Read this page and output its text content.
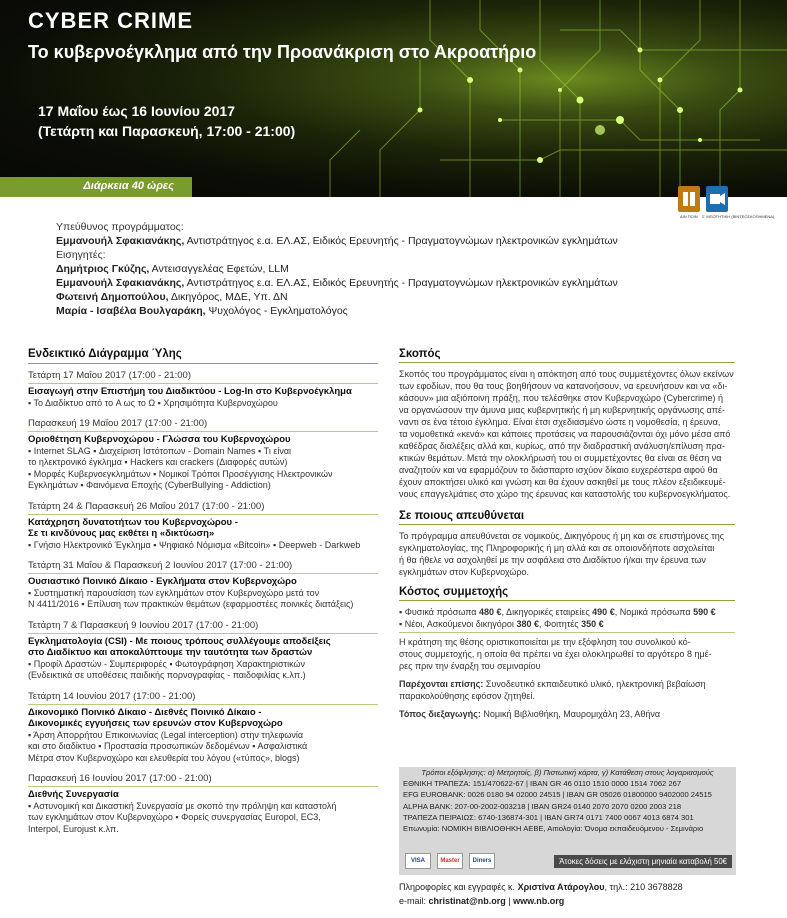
CYBER CRIME
Το κυβερνοέγκλημα από την Προανάκριση στο Ακροατήριο
17 Μαΐου έως 16 Ιουνίου 2017
(Τετάρτη και Παρασκευή, 17:00 - 21:00)
Διάρκεια 40 ώρες
AIN ΠΟΙΝ Σ' ΜΠΟΤΗΤΙΚΗ (ΒΙΝΤΕΟΣΚΟΠΗΜΕΝΑ)
Υπεύθυνος προγράμματος:
Εμμανουήλ Σφακιανάκης, Αντιστράτηγος ε.α. ΕΛ.ΑΣ, Ειδικός Ερευνητής - Πραγματογνώμων ηλεκτρονικών εγκλημάτων
Εισηγητές:
Δημήτριος Γκύζης, Αντεισαγγελέας Εφετών, LLM
Εμμανουήλ Σφακιανάκης, Αντιστράτηγος ε.α. ΕΛ.ΑΣ, Ειδικός Ερευνητής - Πραγματογνώμων ηλεκτρονικών εγκλημάτων
Φωτεινή Δημοπούλου, Δικηγόρος, ΜΔΕ, Υπ. ΔΝ
Μαρία - Ισαβέλα Βουλγαράκη, Ψυχολόγος - Εγκληματολόγος
Ενδεικτικό Διάγραμμα Ύλης
Τετάρτη 17 Μαΐου 2017 (17:00 - 21:00)
Εισαγωγή στην Επιστήμη του Διαδικτύου - Log-In στο Κυβερνοέγκλημα
▪ Το Διαδίκτυο από το A ως το Ω ▪ Χρησιμότητα Κυβερνοχώρου
Παρασκευή 19 Μαΐου 2017 (17:00 - 21:00)
Οριοθέτηση Κυβερνοχώρου - Γλώσσα του Κυβερνοχώρου
▪ Internet SLAG ▪ Διαχείριση Ιστότοπων - Domain Names ▪ Τι είναι
το ηλεκτρονικό έγκλημα ▪ Hackers και crackers (Διαφορές αυτών)
▪ Μορφές Κυβερνοεγκλημάτων ▪ Νομικοί Τρόποι Προσέγγισης Ηλεκτρονικών
Εγκλημάτων ▪ Φαινόμενα Εποχής (CyberBullying - Addiction)
Τετάρτη 24 & Παρασκευή 26 Μαΐου 2017 (17:00 - 21:00)
Κατάχρηση δυνατοτήτων του Κυβερνοχώρου -
Σε τι κινδύνους μας εκθέτει η «δικτύωση»
▪ Γνήσιο Ηλεκτρονικό Έγκλημα ▪ Ψηφιακό Νόμισμα «Bitcoin» ▪ Deepweb - Darkweb
Τετάρτη 31 Μαΐου & Παρασκευή 2 Ιουνίου 2017 (17:00 - 21:00)
Ουσιαστικό Ποινικό Δίκαιο - Εγκλήματα στον Κυβερνοχώρο
▪ Συστηματική παρουσίαση των εγκλημάτων στον Κυβερνοχώρο μετά τον
Ν 4411/2016 ▪ Επίλυση των πρακτικών θεμάτων (εφαρμοστέες ποινικές διατάξεις)
Τετάρτη 7 & Παρασκευή 9 Ιουνίου 2017 (17:00 - 21:00)
Εγκληματολογία (CSI) - Με ποιους τρόπους συλλέγουμε αποδείξεις
στο Διαδίκτυο και αποκαλύπτουμε την ταυτότητα των δραστών
▪ Προφίλ Δραστών - Συμπεριφορές ▪ Φωτογράφηση Χαρακτηριστικών
(Ενδεικτικά σε υποθέσεις παιδικής πορνογραφίας - παιδοφιλίας κ.λπ.)
Τετάρτη 14 Ιουνίου 2017 (17:00 - 21:00)
Δικονομικό Ποινικό Δίκαιο - Διεθνές Ποινικό Δίκαιο -
Δικονομικές εγγυήσεις των ερευνών στον Κυβερνοχώρο
▪ Άρση Απορρήτου Επικοινωνίας (Legal interception) στην τηλεφωνία
και στο διαδίκτυο ▪ Προστασία προσωπικών δεδομένων ▪ Ασφαλιστικά
Μέτρα στον Κυβερνοχώρο και ελευθερία του λόγου («τύπος», blogs)
Παρασκευή 16 Ιουνίου 2017 (17:00 - 21:00)
Διεθνής Συνεργασία
▪ Αστυνομική και Δικαστική Συνεργασία με σκοπό την πρόληψη και καταστολή
των εγκλημάτων στον Κυβερνοχώρο ▪ Φορείς συνεργασίας Europol, EC3,
Interpol, Eurojust κ.λπ.
Σκοπός
Σκοπός του προγράμματος είναι η απόκτηση από τους συμμετέχοντες όλων εκείνων
των εφοδίων, που θα τους βοηθήσουν να κατανοήσουν, να ερευνήσουν και να «δι-
κάσουν» μια αξιόποινη πράξη, που τελέσθηκε στον Κυβερνοχώρο (Cybercrime) ή
να οργανώσουν την άμυνα μιας κυβερνητικής ή μη κυβερνητικής οργάνωσης απέ-
ναντι σε ένα τέτοιο έγκλημα. Είναι έτσι σχεδιασμένο ώστε η νομοθεσία, η έρευνα,
τα νομοθετικά «κενά» και κάποιες προτάσεις να παρουσιάζονται όχι μόνο μέσα από
καθέδρας διαλέξεις αλλά και, κυρίως, από την διαδραστική ανάλυση/επίλυση πρα-
κτικών θεμάτων. Μετά την ολοκλήρωσή του οι συμμετέχοντες θα είναι σε θέση να
αναζητούν και να εφαρμόζουν το διάσπαρτο ισχύον δίκαιο ευχερέστερα αφού θα
έχουν αποκτήσει υλικό και γνώση και θα έχουν ασκηθεί με τους πλέον εξειδικευμέ-
νους επαγγελμάτιες στο χώρο της έρευνας και καταστολής του κυβερνοεγκλήματος.
Σε ποιους απευθύνεται
Το πρόγραμμα απευθύνεται σε νομικούς, Δικηγόρους ή μη και σε επιστήμονες της
εγκληματολογίας, της Πληροφορικής ή μη αλλά και σε οποιονδήποτε ασχολείται
ή θα ήθελε να ασχοληθεί με την ασφάλεια στο Διαδίκτυο ή/και την έρευνα των
εγκλημάτων στον Κυβερνοχώρο.
Κόστος συμμετοχής
▪ Φυσικά πρόσωπα 480 €, Δικηγορικές εταιρείες 490 €, Νομικά πρόσωπα 590 €
▪ Νέοι, Ασκούμενοι δικηγόροι 380 €, Φοιτητές 350 €
Η κράτηση της θέσης οριστικοποιείται με την εξόφληση του συνολικού κό-
στους συμμετοχής, η οποία θα πρέπει να έχει ολοκληρωθεί το αργότερο 8 ημέ-
ρες πριν την έναρξη του σεμιναρίου
Παρέχονται επίσης: Συνοδευτικό εκπαιδευτικό υλικό, ηλεκτρονική βεβαίωση
παρακολούθησης εφόσον ζητηθεί.
Τόπος διεξαγωγής: Νομική Βιβλιοθήκη, Μαυρομιχάλη 23, Αθήνα
Τρόποι εξόφλησης: α) Μετρητοίς, β) Πιστωτική κάρτα, γ) Κατάθεση στους λογαριασμούς
ΕΘΝΙΚΗ ΤΡΑΠΕΖΑ: 151/470622-67 | IBAN GR 46 0110 1510 0000 1514 7062 267
EFG EUROBANK: 0026 0180 94 02000 24515 | IBAN GR 05026 01800000 9402000 24515
ALPHA BANK: 207-00-2002-003218 | IBAN GR24 0140 2070 2070 0200 2003 218
ΤΡΑΠΕΖΑ ΠΕΙΡΑΙΩΣ: 6740-136874-301 | IBAN GR74 0171 7400 0067 4013 6874 301
Επωνυμία: ΝΟΜΙΚΗ ΒΙΒΛΙΟΘΗΚΗ ΑΕΒΕ, Αιτιολογία: Όνομα εκπαιδευόμενου - Σεμινάριο
VISA	Master	Diners	Άτοκες δόσεις με ελάχιστη μηνιαία καταβολή 50€
Πληροφορίες και εγγραφές κ. Χριστίνα Ατάρογλου, τηλ.: 210 3678828
e-mail: christinat@nb.org | www.nb.org
